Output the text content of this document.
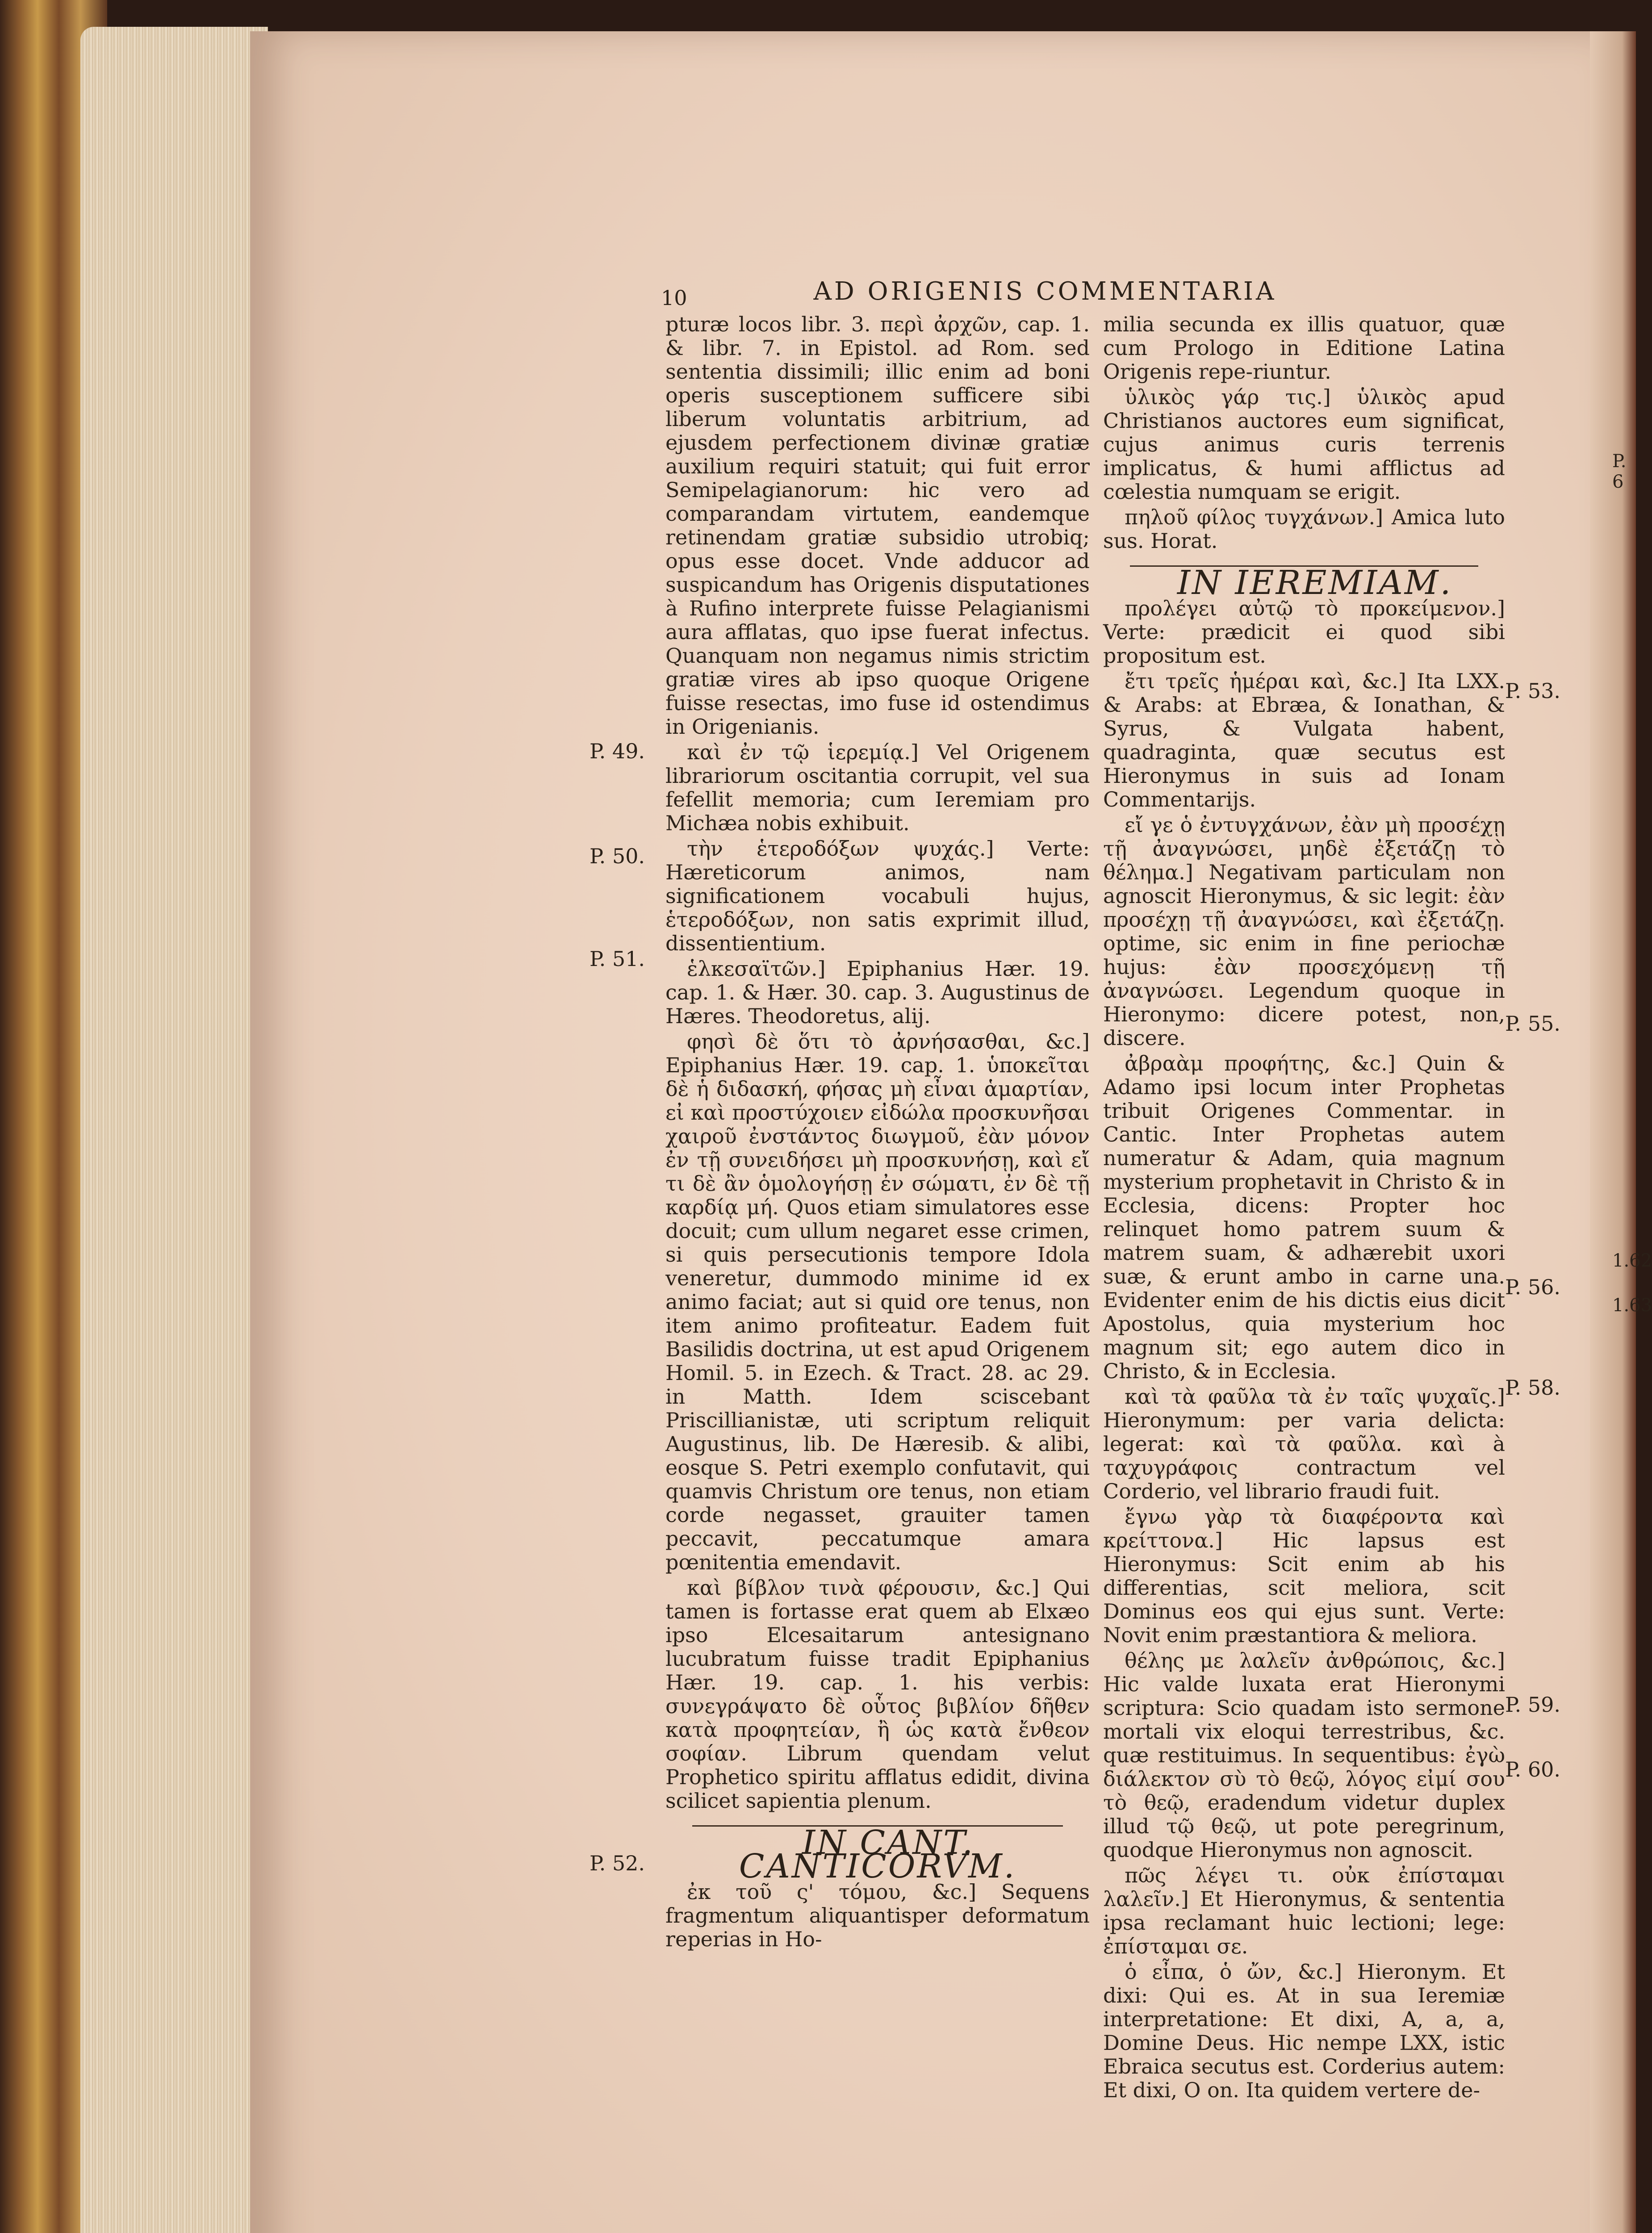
10	AD ORIGENIS COMMENTARIA

pturæ locos libr. 3. περὶ ἀρχῶν, cap. 1. & libr. 7. in Epistol. ad Rom. sed sententia dissimili; illic enim ad boni operis susceptionem sufficere sibi liberum voluntatis arbitrium, ad ejusdem perfectionem divinæ gratiæ auxilium requiri statuit; qui fuit error Semipelagianorum: hic vero ad comparandam virtutem, eandemque retinendam gratiæ subsidio utrobiq; opus esse docet. Vnde adducor ad suspicandum has Origenis disputationes à Rufino interprete fuisse Pelagianismi aura afflatas, quo ipse fuerat infectus. Quanquam non negamus nimis strictim gratiæ vires ab ipso quoque Origene fuisse resectas, imo fuse id ostendimus in Origenianis.

καὶ ἐν τῷ ἱερεμίᾳ.] Vel Origenem librariorum oscitantia corrupit, vel sua fefellit memoria; cum Ieremiam pro Michæa nobis exhibuit.

τὴν ἑτεροδόξων ψυχάς.] Verte: Hæreticorum animos, nam significationem vocabuli hujus, ἑτεροδόξων, non satis exprimit illud, dissentientium.

ἑλκεσαϊτῶν.] Epiphanius Hær. 19. cap. 1. & Hær. 30. cap. 3. Augustinus de Hæres. Theodoretus, alij.

φησὶ δὲ ὅτι τὸ ἀρνήσασθαι, &c.] Epiphanius Hær. 19. cap. 1. ὑποκεῖται δὲ ἡ διδασκή, φήσας μὴ εἶναι ἁμαρτίαν, εἰ καὶ προστύχοιεν εἰδώλα προσκυνῆσαι χαιροῦ ἐνστάντος διωγμοῦ, ἐὰν μόνον ἐν τῇ συνειδήσει μὴ προσκυνήσῃ, καὶ εἴ τι δὲ ἂν ὁμολογήσῃ ἐν σώματι, ἐν δὲ τῇ καρδίᾳ μή. Quos etiam simulatores esse docuit; cum ullum negaret esse crimen, si quis persecutionis tempore Idola veneretur, dummodo minime id ex animo faciat; aut si quid ore tenus, non item animo profiteatur. Eadem fuit Basilidis doctrina, ut est apud Origenem Homil. 5. in Ezech. & Tract. 28. ac 29. in Matth. Idem sciscebant Priscillianistæ, uti scriptum reliquit Augustinus, lib. De Hæresib. & alibi, eosque S. Petri exemplo confutavit, qui quamvis Christum ore tenus, non etiam corde negasset, grauiter tamen peccavit, peccatumque amara pœnitentia emendavit.

καὶ βίβλον τινὰ φέρουσιν, &c.] Qui tamen is fortasse erat quem ab Elxæo ipso Elcesaitarum antesignano lucubratum fuisse tradit Epiphanius Hær. 19. cap. 1. his verbis: συνεγράψατο δὲ οὗτος βιβλίον δῆθεν κατὰ προφητείαν, ἢ ὡς κατὰ ἔνθεον σοφίαν. Librum quendam velut Prophetico spiritu afflatus edidit, divina scilicet sapientia plenum.

IN CANT. CANTICORVM.

ἐκ τοῦ ς' τόμου, &c.] Sequens fragmentum aliquantisper deformatum reperias in Ho-

milia secunda ex illis quatuor, quæ cum Prologo in Editione Latina Origenis repe-riuntur.

ὑλικὸς γάρ τις.] ὑλικὸς apud Christianos auctores eum significat, cujus animus curis terrenis implicatus, & humi afflictus ad cœlestia numquam se erigit.

πηλοῦ φίλος τυγχάνων.] Amica luto sus. Horat.

IN IEREMIAM.

προλέγει αὐτῷ τὸ προκείμενον.] Verte: prædicit ei quod sibi propositum est.

ἔτι τρεῖς ἡμέραι καὶ, &c.] Ita LXX. & Arabs: at Ebræa, & Ionathan, & Syrus, & Vulgata habent, quadraginta, quæ secutus est Hieronymus in suis ad Ionam Commentarijs.

εἴ γε ὁ ἐντυγχάνων, ἐὰν μὴ προσέχῃ τῇ ἀναγνώσει, μηδὲ ἐξετάζῃ τὸ θέλημα.] Negativam particulam non agnoscit Hieronymus, & sic legit: ἐὰν προσέχῃ τῇ ἀναγνώσει, καὶ ἐξετάζῃ. optime, sic enim in fine periochæ hujus: ἐὰν προσεχόμενῃ τῇ ἀναγνώσει. Legendum quoque in Hieronymo: dicere potest, non, discere.

ἀβραὰμ προφήτης, &c.] Quin & Adamo ipsi locum inter Prophetas tribuit Origenes Commentar. in Cantic. Inter Prophetas autem numeratur & Adam, quia magnum mysterium prophetavit in Christo & in Ecclesia, dicens: Propter hoc relinquet homo patrem suum & matrem suam, & adhærebit uxori suæ, & erunt ambo in carne una. Evidenter enim de his dictis eius dicit Apostolus, quia mysterium hoc magnum sit; ego autem dico in Christo, & in Ecclesia.

καὶ τὰ φαῦλα τὰ ἐν ταῖς ψυχαῖς.] Hieronymum: per varia delicta: legerat: καὶ τὰ φαῦλα. καὶ à ταχυγράφοις contractum vel Corderio, vel librario fraudi fuit.

ἔγνω γὰρ τὰ διαφέροντα καὶ κρείττονα.] Hic lapsus est Hieronymus: Scit enim ab his differentias, scit meliora, scit Dominus eos qui ejus sunt. Verte: Novit enim præstantiora & meliora.

θέλης με λαλεῖν ἀνθρώποις, &c.] Hic valde luxata erat Hieronymi scriptura: Scio quadam isto sermone mortali vix eloqui terrestribus, &c. quæ restituimus. In sequentibus: ἐγὼ διάλεκτον σὺ τὸ θεῷ, λόγος εἰμί σου τὸ θεῷ, eradendum videtur duplex illud τῷ θεῷ, ut pote peregrinum, quodque Hieronymus non agnoscit.

πῶς λέγει τι. οὐκ ἐπίσταμαι λαλεῖν.] Et Hieronymus, & sententia ipsa reclamant huic lectioni; lege: ἐπίσταμαι σε.

ὁ εἶπα, ὁ ὤν, &c.] Hieronym. Et dixi: Qui es. At in sua Ieremiæ interpretatione: Et dixi, A, a, a, Domine Deus. Hic nempe LXX, istic Ebraica secutus est. Corderius autem: Et dixi, O on. Ita quidem vertere de-

P. 49.
P. 50.
P. 51.
P. 52.
P. 53.
P. 55.
P. 56.
P. 58.
P. 59.
P. 60.
P. 6
1.62
1.63
